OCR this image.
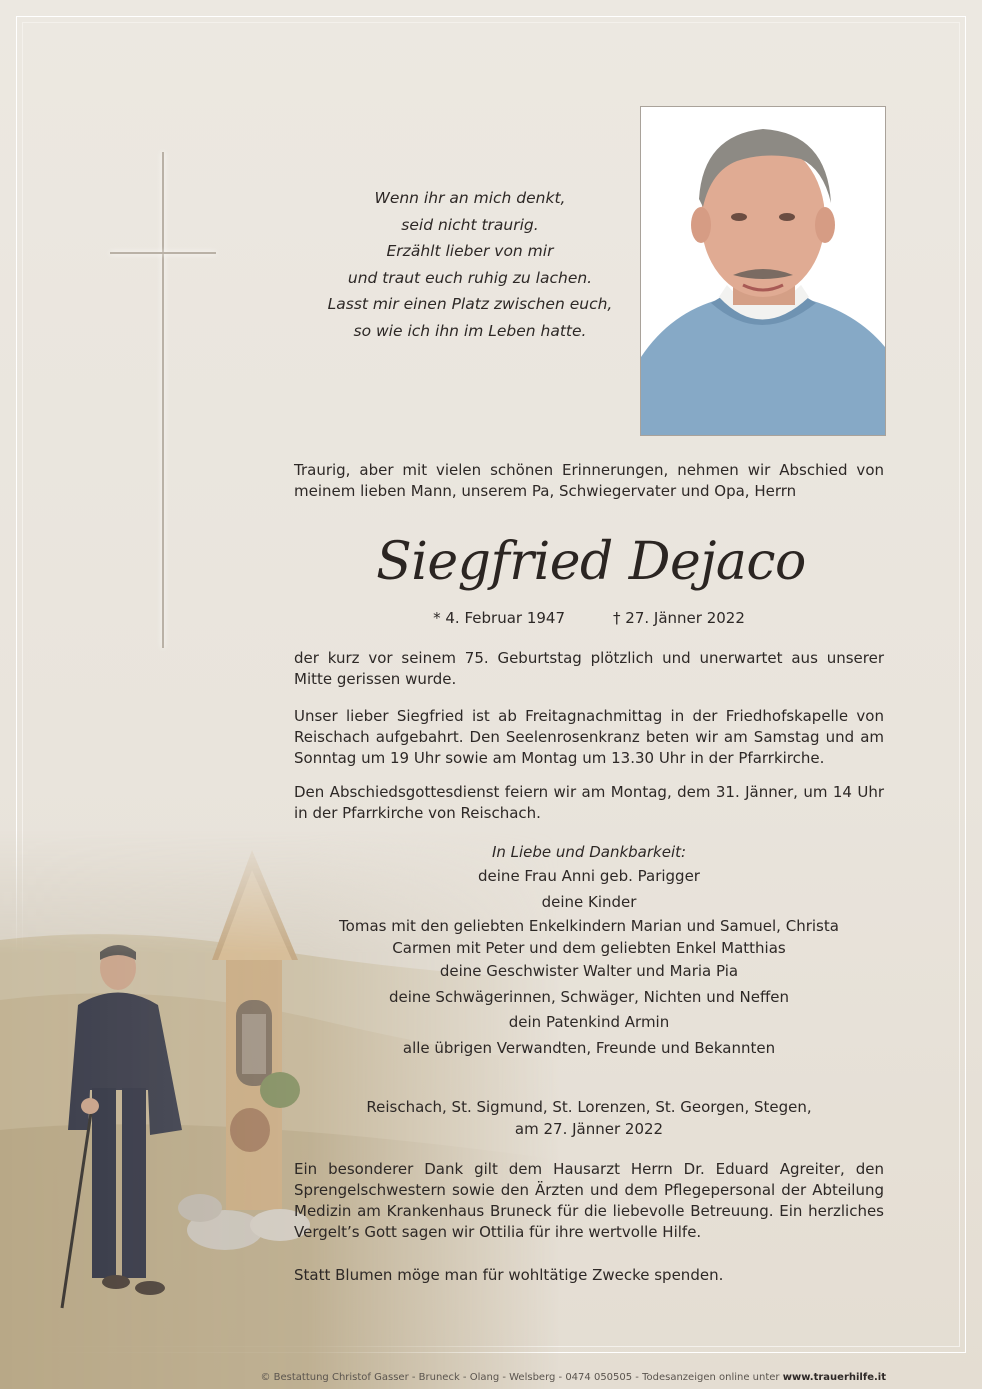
Wenn ihr an mich denkt,
seid nicht traurig.
Erzählt lieber von mir
und traut euch ruhig zu lachen.
Lasst mir einen Platz zwischen euch,
so wie ich ihn im Leben hatte.
Traurig, aber mit vielen schönen Erinnerungen, nehmen wir Abschied von meinem lieben Mann, unserem Pa, Schwiegervater und Opa, Herrn
Siegfried Dejaco
* 4. Februar 1947	† 27. Jänner 2022
der kurz vor seinem 75. Geburtstag plötzlich und unerwartet aus unserer Mitte gerissen wurde.
Unser lieber Siegfried ist ab Freitagnachmittag in der Friedhofskapelle von Reischach aufgebahrt. Den Seelenrosenkranz beten wir am Samstag und am Sonntag um 19 Uhr sowie am Montag um 13.30 Uhr in der Pfarrkirche.
Den Abschiedsgottesdienst feiern wir am Montag, dem 31. Jänner, um 14 Uhr in der Pfarrkirche von Reischach.
In Liebe und Dankbarkeit:
deine Frau Anni geb. Parigger
deine Kinder
Tomas mit den geliebten Enkelkindern Marian und Samuel, Christa
Carmen mit Peter und dem geliebten Enkel Matthias
deine Geschwister Walter und Maria Pia
deine Schwägerinnen, Schwäger, Nichten und Neffen
dein Patenkind Armin
alle übrigen Verwandten, Freunde und Bekannten
Reischach, St. Sigmund, St. Lorenzen, St. Georgen, Stegen,
am 27. Jänner 2022
Ein besonderer Dank gilt dem Hausarzt Herrn Dr. Eduard Agreiter, den Sprengelschwestern sowie den Ärzten und dem Pflegepersonal der Abteilung Medizin am Krankenhaus Bruneck für die liebevolle Betreuung. Ein herzliches Vergelt’s Gott sagen wir Ottilia für ihre wertvolle Hilfe.
Statt Blumen möge man für wohltätige Zwecke spenden.
© Bestattung Christof Gasser - Bruneck - Olang - Welsberg - 0474 050505 - Todesanzeigen online unter www.trauerhilfe.it
